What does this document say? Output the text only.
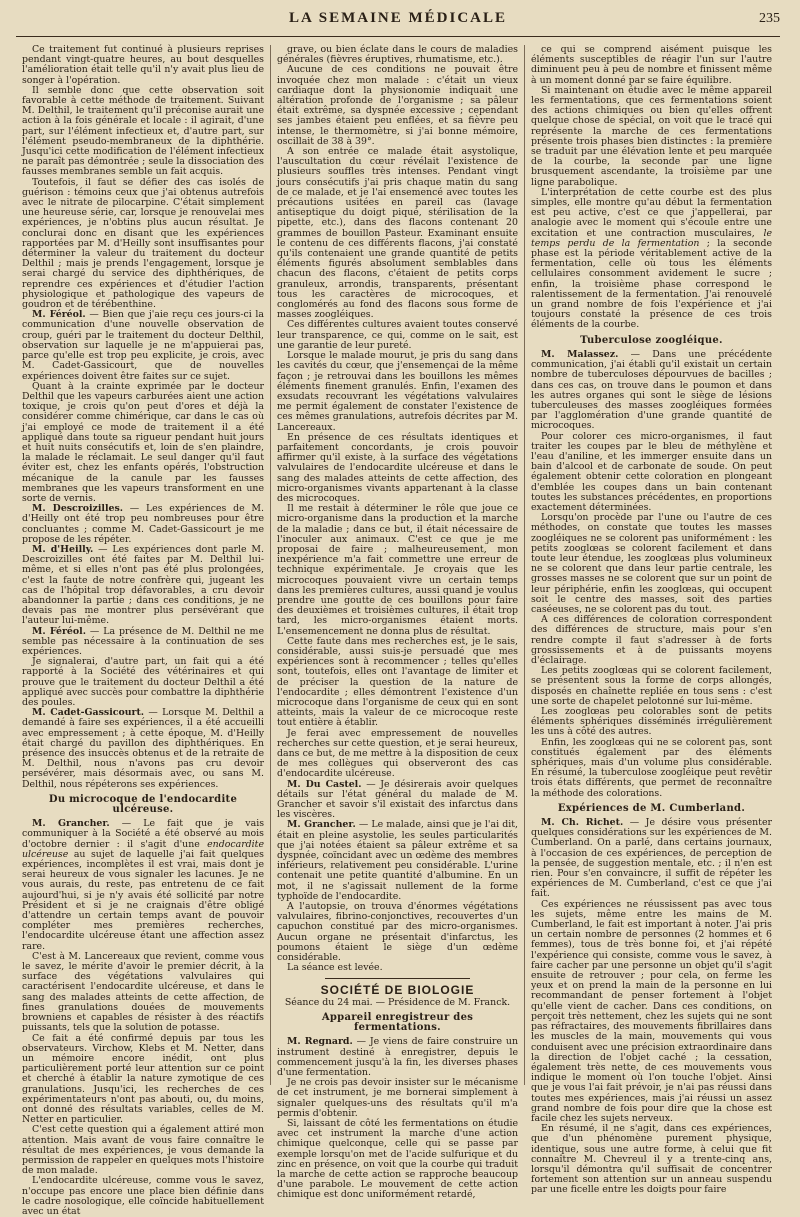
LA SEMAINE MÉDICALE	235

Ce traitement fut continué à plusieurs reprises pendant vingt-quatre heures, au bout desquelles l'amélioration était telle qu'il n'y avait plus lieu de songer à l'opération.

Il semble donc que cette observation soit favorable à cette méthode de traitement. Suivant M. Delthil, le traitement qu'il préconise aurait une action à la fois générale et locale : il agirait, d'une part, sur l'élément infectieux et, d'autre part, sur l'élément pseudo-membraneux de la diphthérie. Jusqu'ici cette modification de l'élément infectieux ne paraît pas démontrée ; seule la dissociation des fausses membranes semble un fait acquis.

Toutefois, il faut se défier des cas isolés de guérison : témoins ceux que j'ai obtenus autrefois avec le nitrate de pilocarpine. C'était simplement une heureuse série, car, lorsque je renouvelai mes expériences, je n'obtins plus aucun résultat. Je conclurai donc en disant que les expériences rapportées par M. d'Heilly sont insuffisantes pour déterminer la valeur du traitement du docteur Delthil ; mais je prends l'engagement, lorsque je serai chargé du service des diphthériques, de reprendre ces expériences et d'étudier l'action physiologique et pathologique des vapeurs de goudron et de térébenthine.

M. Féréol. — Bien que j'aie reçu ces jours-ci la communication d'une nouvelle observation de croup, guéri par le traitement du docteur Delthil, observation sur laquelle je ne m'appuierai pas, parce qu'elle est trop peu explicite, je crois, avec M. Cadet-Gassicourt, que de nouvelles expériences doivent être faites sur ce sujet.

Quant à la crainte exprimée par le docteur Delthil que les vapeurs carburées aient une action toxique, je crois qu'on peut d'ores et déjà la considérer comme chimérique, car dans le cas où j'ai employé ce mode de traitement il a été appliqué dans toute sa rigueur pendant huit jours et huit nuits consécutifs et, loin de s'en plaindre, la malade le réclamait. Le seul danger qu'il faut éviter est, chez les enfants opérés, l'obstruction mécanique de la canule par les fausses membranes que les vapeurs transforment en une sorte de vernis.

M. Descroizilles. — Les expériences de M. d'Heilly ont été trop peu nombreuses pour être concluantes ; comme M. Cadet-Gassicourt je me propose de les répéter.

M. d'Heilly. — Les expériences dont parle M. Descroizilles ont été faites par M. Delthil lui-même, et si elles n'ont pas été plus prolongées, c'est la faute de notre confrère qui, jugeant les cas de l'hôpital trop défavorables, a cru devoir abandonner la partie ; dans ces conditions, je ne devais pas me montrer plus persévérant que l'auteur lui-même.

M. Féréol. — La présence de M. Delthil ne me semble pas nécessaire à la continuation de ses expériences.

Je signalerai, d'autre part, un fait qui a été rapporté à la Société des vétérinaires et qui prouve que le traitement du docteur Delthil a été appliqué avec succès pour combattre la diphthérie des poules.

M. Cadet-Gassicourt. — Lorsque M. Delthil a demandé à faire ses expériences, il a été accueilli avec empressement ; à cette époque, M. d'Heilly était chargé du pavillon des diphthériques. En présence des insuccès obtenus et de la retraite de M. Delthil, nous n'avons pas cru devoir persévérer, mais désormais avec, ou sans M. Delthil, nous répéterons ses expériences.

Du microcoque de l'endocardite ulcéreuse.

M. Grancher. — Le fait que je vais communiquer à la Société a été observé au mois d'octobre dernier : il s'agit d'une endocardite ulcéreuse au sujet de laquelle j'ai fait quelques expériences, incomplètes il est vrai, mais dont je serai heureux de vous signaler les lacunes. Je ne vous aurais, du reste, pas entretenu de ce fait aujourd'hui, si je n'y avais été sollicité par notre Président et si je ne craignais d'être obligé d'attendre un certain temps avant de pouvoir compléter mes premières recherches, l'endocardite ulcéreuse étant une affection assez rare.

C'est à M. Lancereaux que revient, comme vous le savez, le mérite d'avoir le premier décrit, à la surface des végétations valvulaires qui caractérisent l'endocardite ulcéreuse, et dans le sang des malades atteints de cette affection, de fines granulations douées de mouvements browniens et capables de résister à des réactifs puissants, tels que la solution de potasse.

Ce fait a été confirmé depuis par tous les observateurs. Virchow, Klebs et M. Netter, dans un mémoire encore inédit, ont plus particulièrement porté leur attention sur ce point et cherché à établir la nature zymotique de ces granulations. Jusqu'ici, les recherches de ces expérimentateurs n'ont pas abouti, ou, du moins, ont donné des résultats variables, celles de M. Netter en particulier.

C'est cette question qui a également attiré mon attention. Mais avant de vous faire connaître le résultat de mes expériences, je vous demande la permission de rappeler en quelques mots l'histoire de mon malade.

L'endocardite ulcéreuse, comme vous le savez, n'occupe pas encore une place bien définie dans le cadre nosologique, elle coïncide habituellement avec un état

grave, ou bien éclate dans le cours de maladies générales (fièvres éruptives, rhumatisme, etc.).

Aucune de ces conditions ne pouvait être invoquée chez mon malade : c'était un vieux cardiaque dont la physionomie indiquait une altération profonde de l'organisme ; sa pâleur était extrême, sa dyspnée excessive ; cependant ses jambes étaient peu enflées, et sa fièvre peu intense, le thermomètre, si j'ai bonne mémoire, oscillait de 38 à 39°.

A son entrée ce malade était asystolique, l'auscultation du cœur révélait l'existence de plusieurs souffles très intenses. Pendant vingt jours consécutifs j'ai pris chaque matin du sang de ce malade, et je l'ai ensemencé avec toutes les précautions usitées en pareil cas (lavage antiseptique du doigt piqué, stérilisation de la pipette, etc.), dans des flacons contenant 20 grammes de bouillon Pasteur. Examinant ensuite le contenu de ces différents flacons, j'ai constaté qu'ils contenaient une grande quantité de petits éléments figurés absolument semblables dans chacun des flacons, c'étaient de petits corps granuleux, arrondis, transparents, présentant tous les caractères de microcoques, et conglomérés au fond des flacons sous forme de masses zoogléiques.

Ces différentes cultures avaient toutes conservé leur transparence, ce qui, comme on le sait, est une garantie de leur pureté.

Lorsque le malade mourut, je pris du sang dans les cavités du cœur, que j'ensemençai de la même façon ; je retrouvai dans les bouillons les mêmes éléments finement granulés. Enfin, l'examen des exsudats recouvrant les végétations valvulaires me permit également de constater l'existence de ces mêmes granulations, autrefois décrites par M. Lancereaux.

En présence de ces résultats identiques et parfaitement concordants, je crois pouvoir affirmer qu'il existe, à la surface des végétations valvulaires de l'endocardite ulcéreuse et dans le sang des malades atteints de cette affection, des micro-organismes vivants appartenant à la classe des microcoques.

Il me restait à déterminer le rôle que joue ce micro-organisme dans la production et la marche de la maladie ; dans ce but, il était nécessaire de l'inoculer aux animaux. C'est ce que je me proposai de faire ; malheureusement, mon inexpérience m'a fait commettre une erreur de technique expérimentale. Je croyais que les microcoques pouvaient vivre un certain temps dans les premières cultures, aussi quand je voulus prendre une goutte de ces bouillons pour faire des deuxièmes et troisièmes cultures, il était trop tard, les micro-organismes étaient morts. L'ensemencement ne donna plus de résultat.

Cette faute dans mes recherches est, je le sais, considérable, aussi suis-je persuadé que mes expériences sont à recommencer ; telles qu'elles sont, toutefois, elles ont l'avantage de limiter et de préciser la question de la nature de l'endocardite ; elles démontrent l'existence d'un microcoque dans l'organisme de ceux qui en sont atteints, mais la valeur de ce microcoque reste tout entière à établir.

Je ferai avec empressement de nouvelles recherches sur cette question, et je serai heureux, dans ce but, de me mettre à la disposition de ceux de mes collègues qui observeront des cas d'endocardite ulcéreuse.

M. Du Castel. — Je désirerais avoir quelques détails sur l'état général du malade de M. Grancher et savoir s'il existait des infarctus dans les viscères.

M. Grancher. — Le malade, ainsi que je l'ai dit, était en pleine asystolie, les seules particularités que j'ai notées étaient sa pâleur extrême et sa dyspnée, coïncidant avec un œdème des membres inférieurs, relativement peu considérable. L'urine contenait une petite quantité d'albumine. En un mot, il ne s'agissait nullement de la forme typhoïde de l'endocardite.

A l'autopsie, on trouva d'énormes végétations valvulaires, fibrino-conjonctives, recouvertes d'un capuchon constitué par des micro-organismes. Aucun organe ne présentait d'infarctus, les poumons étaient le siège d'un œdème considérable.

La séance est levée.

SOCIÉTÉ DE BIOLOGIE
Séance du 24 mai. — Présidence de M. Franck.
Appareil enregistreur des fermentations.

M. Regnard. — Je viens de faire construire un instrument destiné à enregistrer, depuis le commencement jusqu'à la fin, les diverses phases d'une fermentation.

Je ne crois pas devoir insister sur le mécanisme de cet instrument, je me bornerai simplement à signaler quelques-uns des résultats qu'il m'a permis d'obtenir.

Si, laissant de côté les fermentations on étudie avec cet instrument la marche d'une action chimique quelconque, celle qui se passe par exemple lorsqu'on met de l'acide sulfurique et du zinc en présence, on voit que la courbe qui traduit la marche de cette action se rapproche beaucoup d'une parabole. Le mouvement de cette action chimique est donc uniformément retardé,

ce qui se comprend aisément puisque les éléments susceptibles de réagir l'un sur l'autre diminuent peu à peu de nombre et finissent même à un moment donné par se faire équilibre.

Si maintenant on étudie avec le même appareil les fermentations, que ces fermentations soient des actions chimiques ou bien qu'elles offrent quelque chose de spécial, on voit que le tracé qui représente la marche de ces fermentations présente trois phases bien distinctes : la première se traduit par une élévation lente et peu marquée de la courbe, la seconde par une ligne brusquement ascendante, la troisième par une ligne parabolique.

L'interprétation de cette courbe est des plus simples, elle montre qu'au début la fermentation est peu active, c'est ce que j'appellerai, par analogie avec le moment qui s'écoule entre une excitation et une contraction musculaires, le temps perdu de la fermentation ; la seconde phase est la période véritablement active de la fermentation, celle où tous les éléments cellulaires consomment avidement le sucre ; enfin, la troisième phase correspond le ralentissement de la fermentation. J'ai renouvelé un grand nombre de fois l'expérience et j'ai toujours constaté la présence de ces trois éléments de la courbe.

Tuberculose zoogléique.

M. Malassez. — Dans une précédente communication, j'ai établi qu'il existait un certain nombre de tuberculoses dépourvues de bacilles ; dans ces cas, on trouve dans le poumon et dans les autres organes qui sont le siège de lésions tuberculeuses des masses zoogléiques formées par l'agglomération d'une grande quantité de microcoques.

Pour colorer ces micro-organismes, il faut traiter les coupes par le bleu de méthylène et l'eau d'aniline, et les immerger ensuite dans un bain d'alcool et de carbonate de soude. On peut également obtenir cette coloration en plongeant d'emblée les coupes dans un bain contenant toutes les substances précédentes, en proportions exactement déterminées.

Lorsqu'on procède par l'une ou l'autre de ces méthodes, on constate que toutes les masses zoogléiques ne se colorent pas uniformément : les petits zooglœas se colorent facilement et dans toute leur étendue, les zooglœas plus volumineux ne se colorent que dans leur partie centrale, les grosses masses ne se colorent que sur un point de leur périphérie, enfin les zooglœas, qui occupent soit le centre des masses, soit des parties caséeuses, ne se colorent pas du tout.

A ces différences de coloration correspondent des différences de structure, mais pour s'en rendre compte il faut s'adresser à de forts grossissements et à de puissants moyens d'éclairage.

Les petits zooglœas qui se colorent facilement, se présentent sous la forme de corps allongés, disposés en chaînette repliée en tous sens : c'est une sorte de chapelet pelotonné sur lui-même.

Les zooglœas peu colorables sont de petits éléments sphériques disséminés irrégulièrement les uns à côté des autres.

Enfin, les zooglœas qui ne se colorent pas, sont constitués également par des éléments sphériques, mais d'un volume plus considérable. En résumé, la tuberculose zoogléique peut revêtir trois états différents, que permet de reconnaître la méthode des colorations.

Expériences de M. Cumberland.

M. Ch. Richet. — Je désire vous présenter quelques considérations sur les expériences de M. Cumberland. On a parlé, dans certains journaux, à l'occasion de ces expériences, de perception de la pensée, de suggestion mentale, etc. ; il n'en est rien. Pour s'en convaincre, il suffit de répéter les expériences de M. Cumberland, c'est ce que j'ai fait.

Ces expériences ne réussissent pas avec tous les sujets, même entre les mains de M. Cumberland, le fait est important à noter. J'ai pris un certain nombre de personnes (2 hommes et 6 femmes), tous de très bonne foi, et j'ai répété l'expérience qui consiste, comme vous le savez, à faire cacher par une personne un objet qu'il s'agit ensuite de retrouver ; pour cela, on ferme les yeux et on prend la main de la personne en lui recommandant de penser fortement à l'objet qu'elle vient de cacher. Dans ces conditions, on perçoit très nettement, chez les sujets qui ne sont pas réfractaires, des mouvements fibrillaires dans les muscles de la main, mouvements qui vous conduisent avec une précision extraordinaire dans la direction de l'objet caché ; la cessation, également très nette, de ces mouvements vous indique le moment où l'on touche l'objet. Ainsi que je vous l'ai fait prévoir, je n'ai pas réussi dans toutes mes expériences, mais j'ai réussi un assez grand nombre de fois pour dire que la chose est facile chez les sujets nerveux.

En résumé, il ne s'agit, dans ces expériences, que d'un phénomène purement physique, identique, sous une autre forme, à celui que fit connaître M. Chevreul il y a trente-cinq ans, lorsqu'il démontra qu'il suffisait de concentrer fortement son attention sur un anneau suspendu par une ficelle entre les doigts pour faire
